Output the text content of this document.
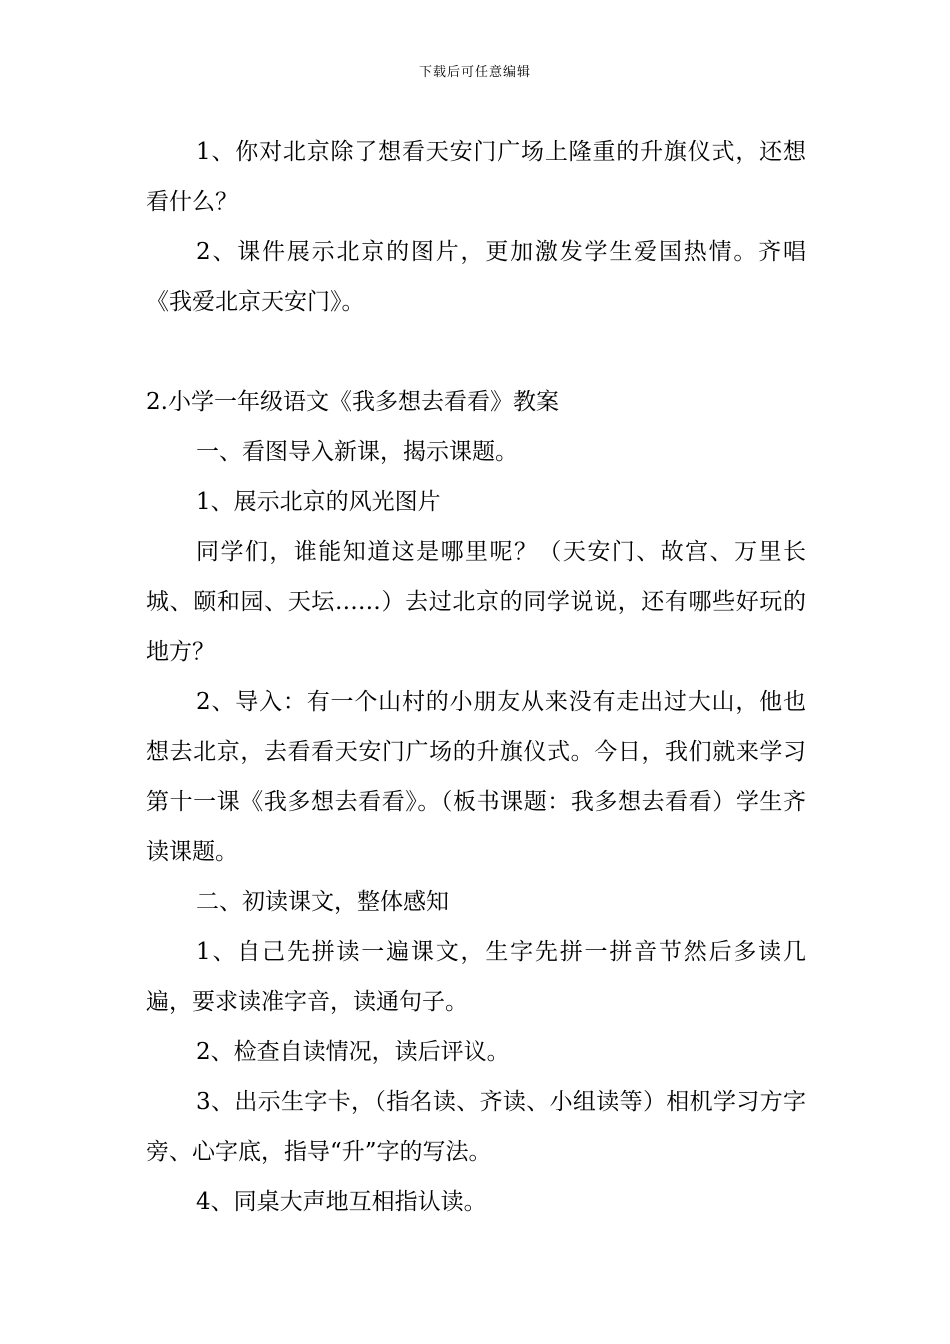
下载后可任意编辑

1、你对北京除了想看天安门广场上隆重的升旗仪式，还想看什么？

2、课件展示北京的图片，更加激发学生爱国热情。齐唱《我爱北京天安门》。

2.小学一年级语文《我多想去看看》教案

一、看图导入新课，揭示课题。

1、展示北京的风光图片

同学们，谁能知道这是哪里呢？（天安门、故宫、万里长城、颐和园、天坛……）去过北京的同学说说，还有哪些好玩的地方？

2、导入：有一个山村的小朋友从来没有走出过大山，他也想去北京，去看看天安门广场的升旗仪式。今日，我们就来学习第十一课《我多想去看看》。（板书课题：我多想去看看）学生齐读课题。

二、初读课文，整体感知

1、自己先拼读一遍课文，生字先拼一拼音节然后多读几遍，要求读准字音，读通句子。

2、检查自读情况，读后评议。

3、出示生字卡，（指名读、齐读、小组读等）相机学习方字旁、心字底，指导“升”字的写法。

4、同桌大声地互相指认读。
